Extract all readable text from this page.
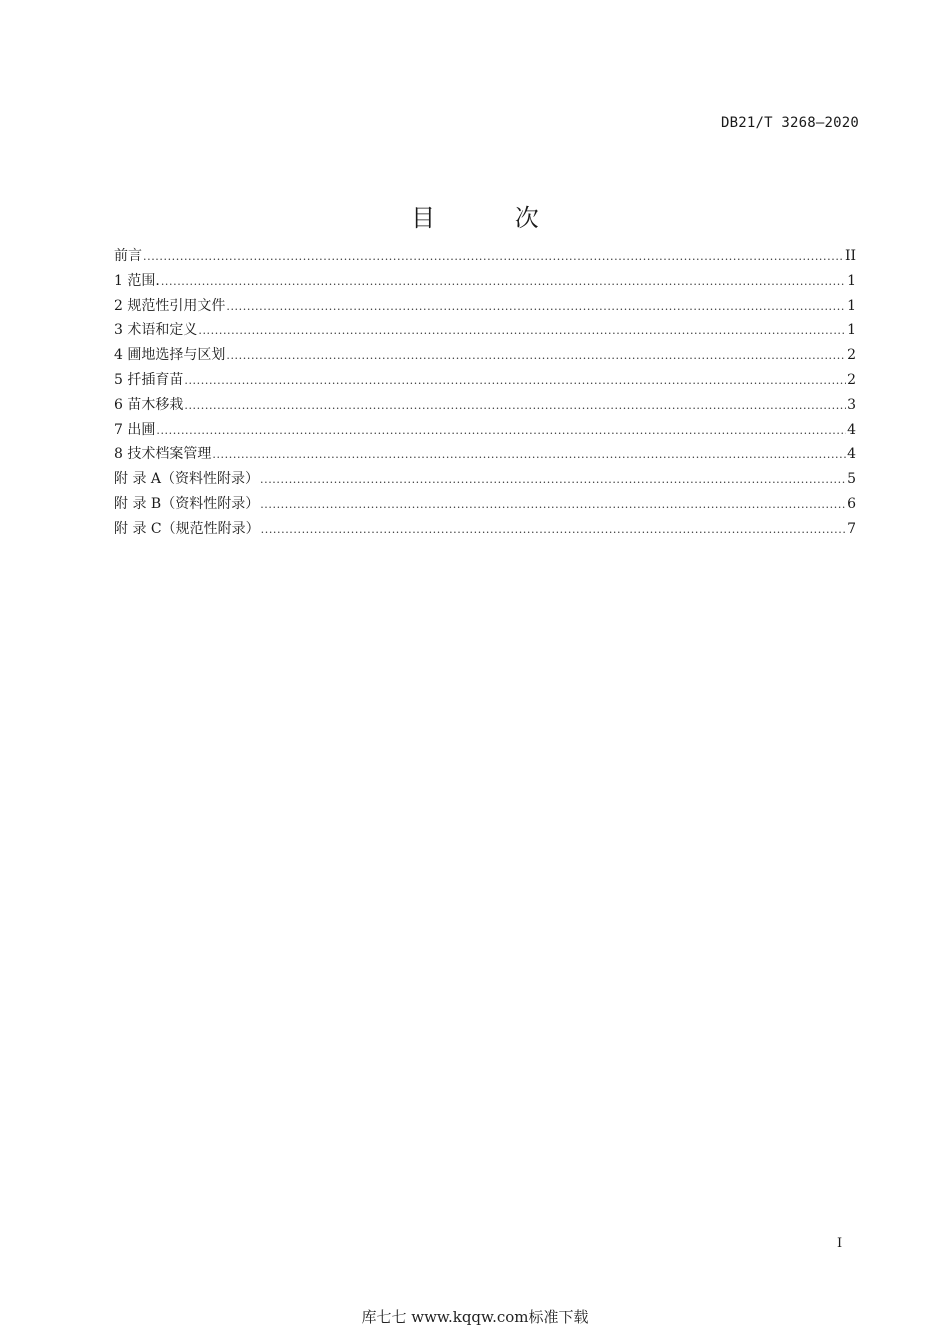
DB21/T 3268—2020
目 次
前言 .....	II
1 范围. .....	1
2 规范性引用文件 .....	1
3 术语和定义 .....	1
4 圃地选择与区划 .....	2
5 扦插育苗 .....	2
6 苗木移栽 .....	3
7 出圃 .....	4
8 技术档案管理 .....	4
附 录 A（资料性附录） .....	5
附 录 B（资料性附录） .....	6
附 录 C（规范性附录） .....	7
I
库七七 www.kqqw.com标准下载
